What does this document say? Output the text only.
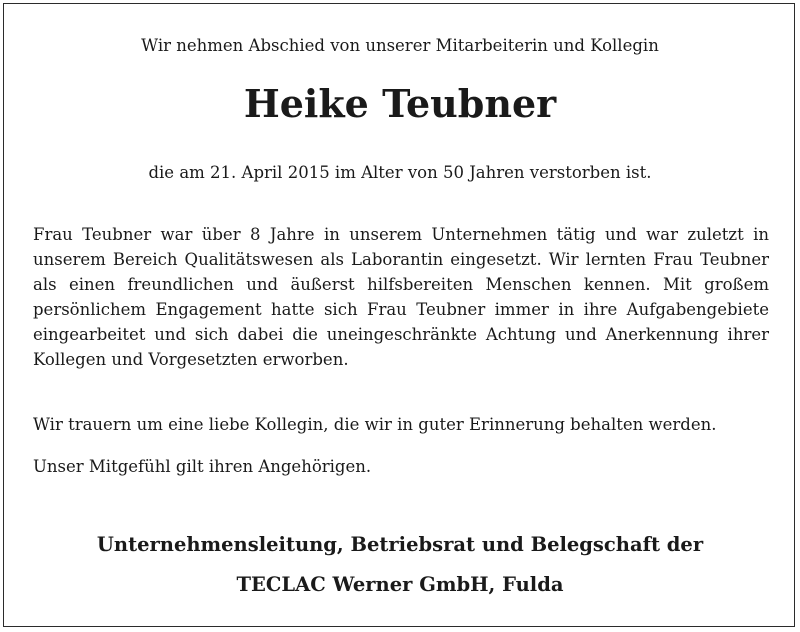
Wir nehmen Abschied von unserer Mitarbeiterin und Kollegin
Heike Teubner
die am 21. April 2015 im Alter von 50 Jahren verstorben ist.
Frau Teubner war über 8 Jahre in unserem Unternehmen tätig und war zuletzt in
unserem Bereich Qualitätswesen als Laborantin eingesetzt. Wir lernten Frau Teubner
als einen freundlichen und äußerst hilfsbereiten Menschen kennen. Mit großem
persönlichem Engagement hatte sich Frau Teubner immer in ihre Aufgabengebiete
eingearbeitet und sich dabei die uneingeschränkte Achtung und Anerkennung ihrer
Kollegen und Vorgesetzten erworben.
Wir trauern um eine liebe Kollegin, die wir in guter Erinnerung behalten werden.
Unser Mitgefühl gilt ihren Angehörigen.
Unternehmensleitung, Betriebsrat und Belegschaft der
TECLAC Werner GmbH, Fulda
